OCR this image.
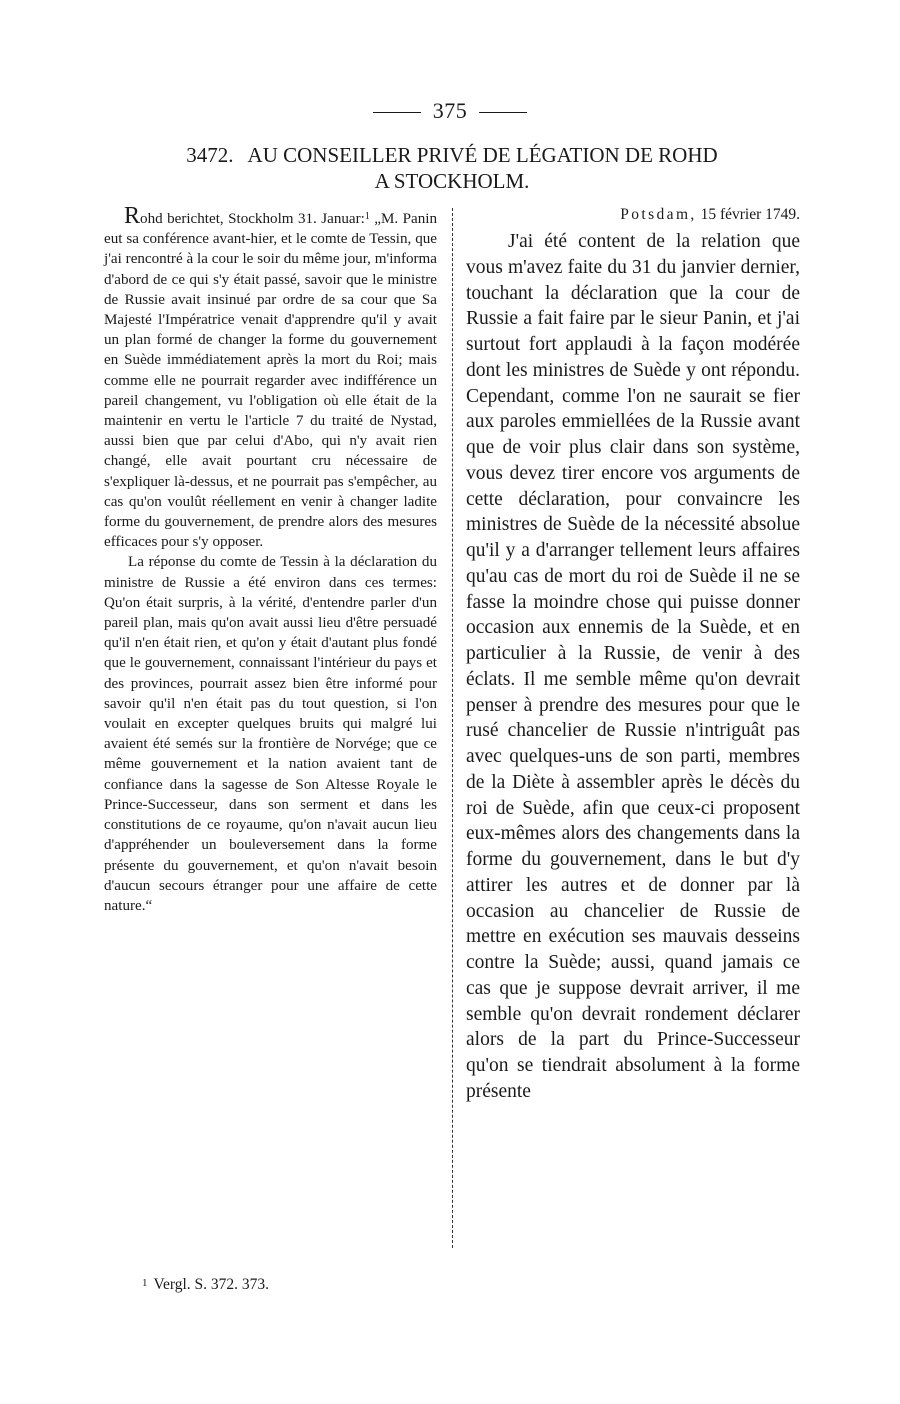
375
3472. AU CONSEILLER PRIVÉ DE LÉGATION DE ROHD
A STOCKHOLM.

Rohd berichtet, Stockholm 31. Januar:$^1$ „M. Panin eut sa conférence avant-hier, et le comte de Tessin, que j'ai rencontré à la cour le soir du même jour, m'informa d'abord de ce qui s'y était passé, savoir que le ministre de Russie avait insinué par ordre de sa cour que Sa Majesté l'Impératrice venait d'apprendre qu'il y avait un plan formé de changer la forme du gouvernement en Suède immédiatement après la mort du Roi; mais comme elle ne pourrait regarder avec indifférence un pareil changement, vu l'obligation où elle était de la maintenir en vertu le l'article 7 du traité de Nystad, aussi bien que par celui d'Abo, qui n'y avait rien changé, elle avait pourtant cru nécessaire de s'expliquer là-dessus, et ne pourrait pas s'empêcher, au cas qu'on voulût réellement en venir à changer ladite forme du gouvernement, de prendre alors des mesures efficaces pour s'y opposer.

La réponse du comte de Tessin à la déclaration du ministre de Russie a été environ dans ces termes: Qu'on était surpris, à la vérité, d'entendre parler d'un pareil plan, mais qu'on avait aussi lieu d'être persuadé qu'il n'en était rien, et qu'on y était d'autant plus fondé que le gouvernement, connaissant l'intérieur du pays et des provinces, pourrait assez bien être informé pour savoir qu'il n'en était pas du tout question, si l'on voulait en excepter quelques bruits qui malgré lui avaient été semés sur la frontière de Norvége; que ce même gouvernement et la nation avaient tant de confiance dans la sagesse de Son Altesse Royale le Prince-Successeur, dans son serment et dans les constitutions de ce royaume, qu'on n'avait aucun lieu d'appréhender un bouleversement dans la forme présente du gouvernement, et qu'on n'avait besoin d'aucun secours étranger pour une affaire de cette nature.“

Potsdam, 15 février 1749.

J'ai été content de la relation que vous m'avez faite du 31 du janvier dernier, touchant la déclaration que la cour de Russie a fait faire par le sieur Panin, et j'ai surtout fort applaudi à la façon modérée dont les ministres de Suède y ont répondu. Cependant, comme l'on ne saurait se fier aux paroles emmiellées de la Russie avant que de voir plus clair dans son système, vous devez tirer encore vos arguments de cette déclaration, pour convaincre les ministres de Suède de la nécessité absolue qu'il y a d'arranger tellement leurs affaires qu'au cas de mort du roi de Suède il ne se fasse la moindre chose qui puisse donner occasion aux ennemis de la Suède, et en particulier à la Russie, de venir à des éclats. Il me semble même qu'on devrait penser à prendre des mesures pour que le rusé chancelier de Russie n'intriguât pas avec quelques-uns de son parti, membres de la Diète à assembler après le décès du roi de Suède, afin que ceux-ci proposent eux-mêmes alors des changements dans la forme du gouvernement, dans le but d'y attirer les autres et de donner par là occasion au chancelier de Russie de mettre en exécution ses mauvais desseins contre la Suède; aussi, quand jamais ce cas que je suppose devrait arriver, il me semble qu'on devrait rondement déclarer alors de la part du Prince-Successeur qu'on se tiendrait absolument à la forme présente

1 Vergl. S. 372. 373.
